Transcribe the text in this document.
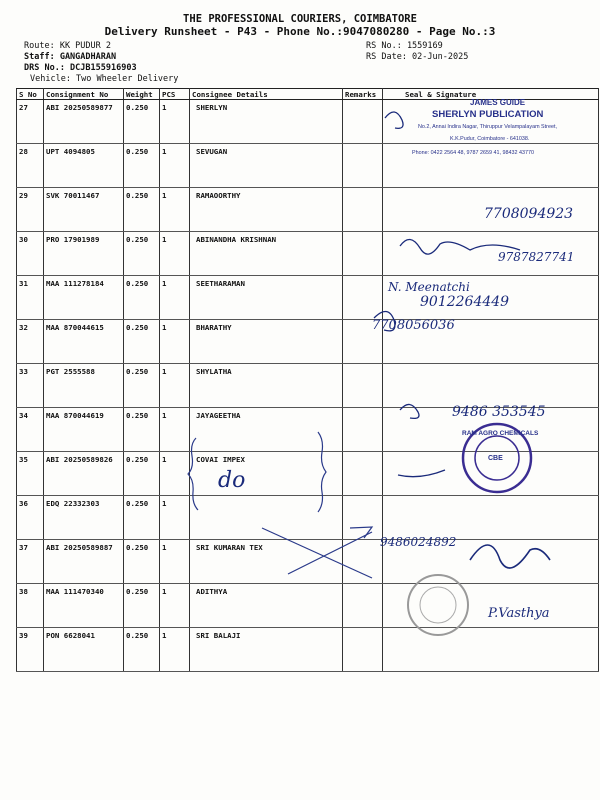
THE PROFESSIONAL COURIERS, COIMBATORE
Delivery Runsheet - P43 - Phone No.:9047080280 - Page No.:3
Route: KK PUDUR 2
Staff: GANGADHARAN
DRS No.: DCJB155916903
Vehicle: Two Wheeler Delivery
RS No.: 1559169
RS Date: 02-Jun-2025
S No	Consignment No	Weight	PCS	Consignee Details	Remarks	Seal & Signature
27	ABI 20250589877	0.250	1	SHERLYN		
28	UPT 4094805	0.250	1	SEVUGAN		
29	SVK 70011467	0.250	1	RAMAOORTHY		
30	PRO 17901989	0.250	1	ABINANDHA KRISHNAN		
31	MAA 111278184	0.250	1	SEETHARAMAN		
32	MAA 870044615	0.250	1	BHARATHY		
33	PGT 2555588	0.250	1	SHYLATHA		
34	MAA 870044619	0.250	1	JAYAGEETHA		
35	ABI 20250589826	0.250	1	COVAI IMPEX		
36	EDQ 22332303	0.250	1			
37	ABI 20250589887	0.250	1	SRI KUMARAN TEX		
38	MAA 111470340	0.250	1	ADITHYA		
39	PON 6628041	0.250	1	SRI BALAJI		
JAMES GUIDE
SHERLYN PUBLICATION
No.2, Annai Indira Nagar, Thiruppur Velampalayam Street,
K.K.Pudur, Coimbatore - 641038.
Phone: 0422 2564 48, 9787 2659 41, 98432 43770
7708094923
9787827741
N. Meenatchi
9012264449
7708056036
9486 353545
do
RAM AGRO CHEMICALS
CBE
9486024892
P.Vasthya
